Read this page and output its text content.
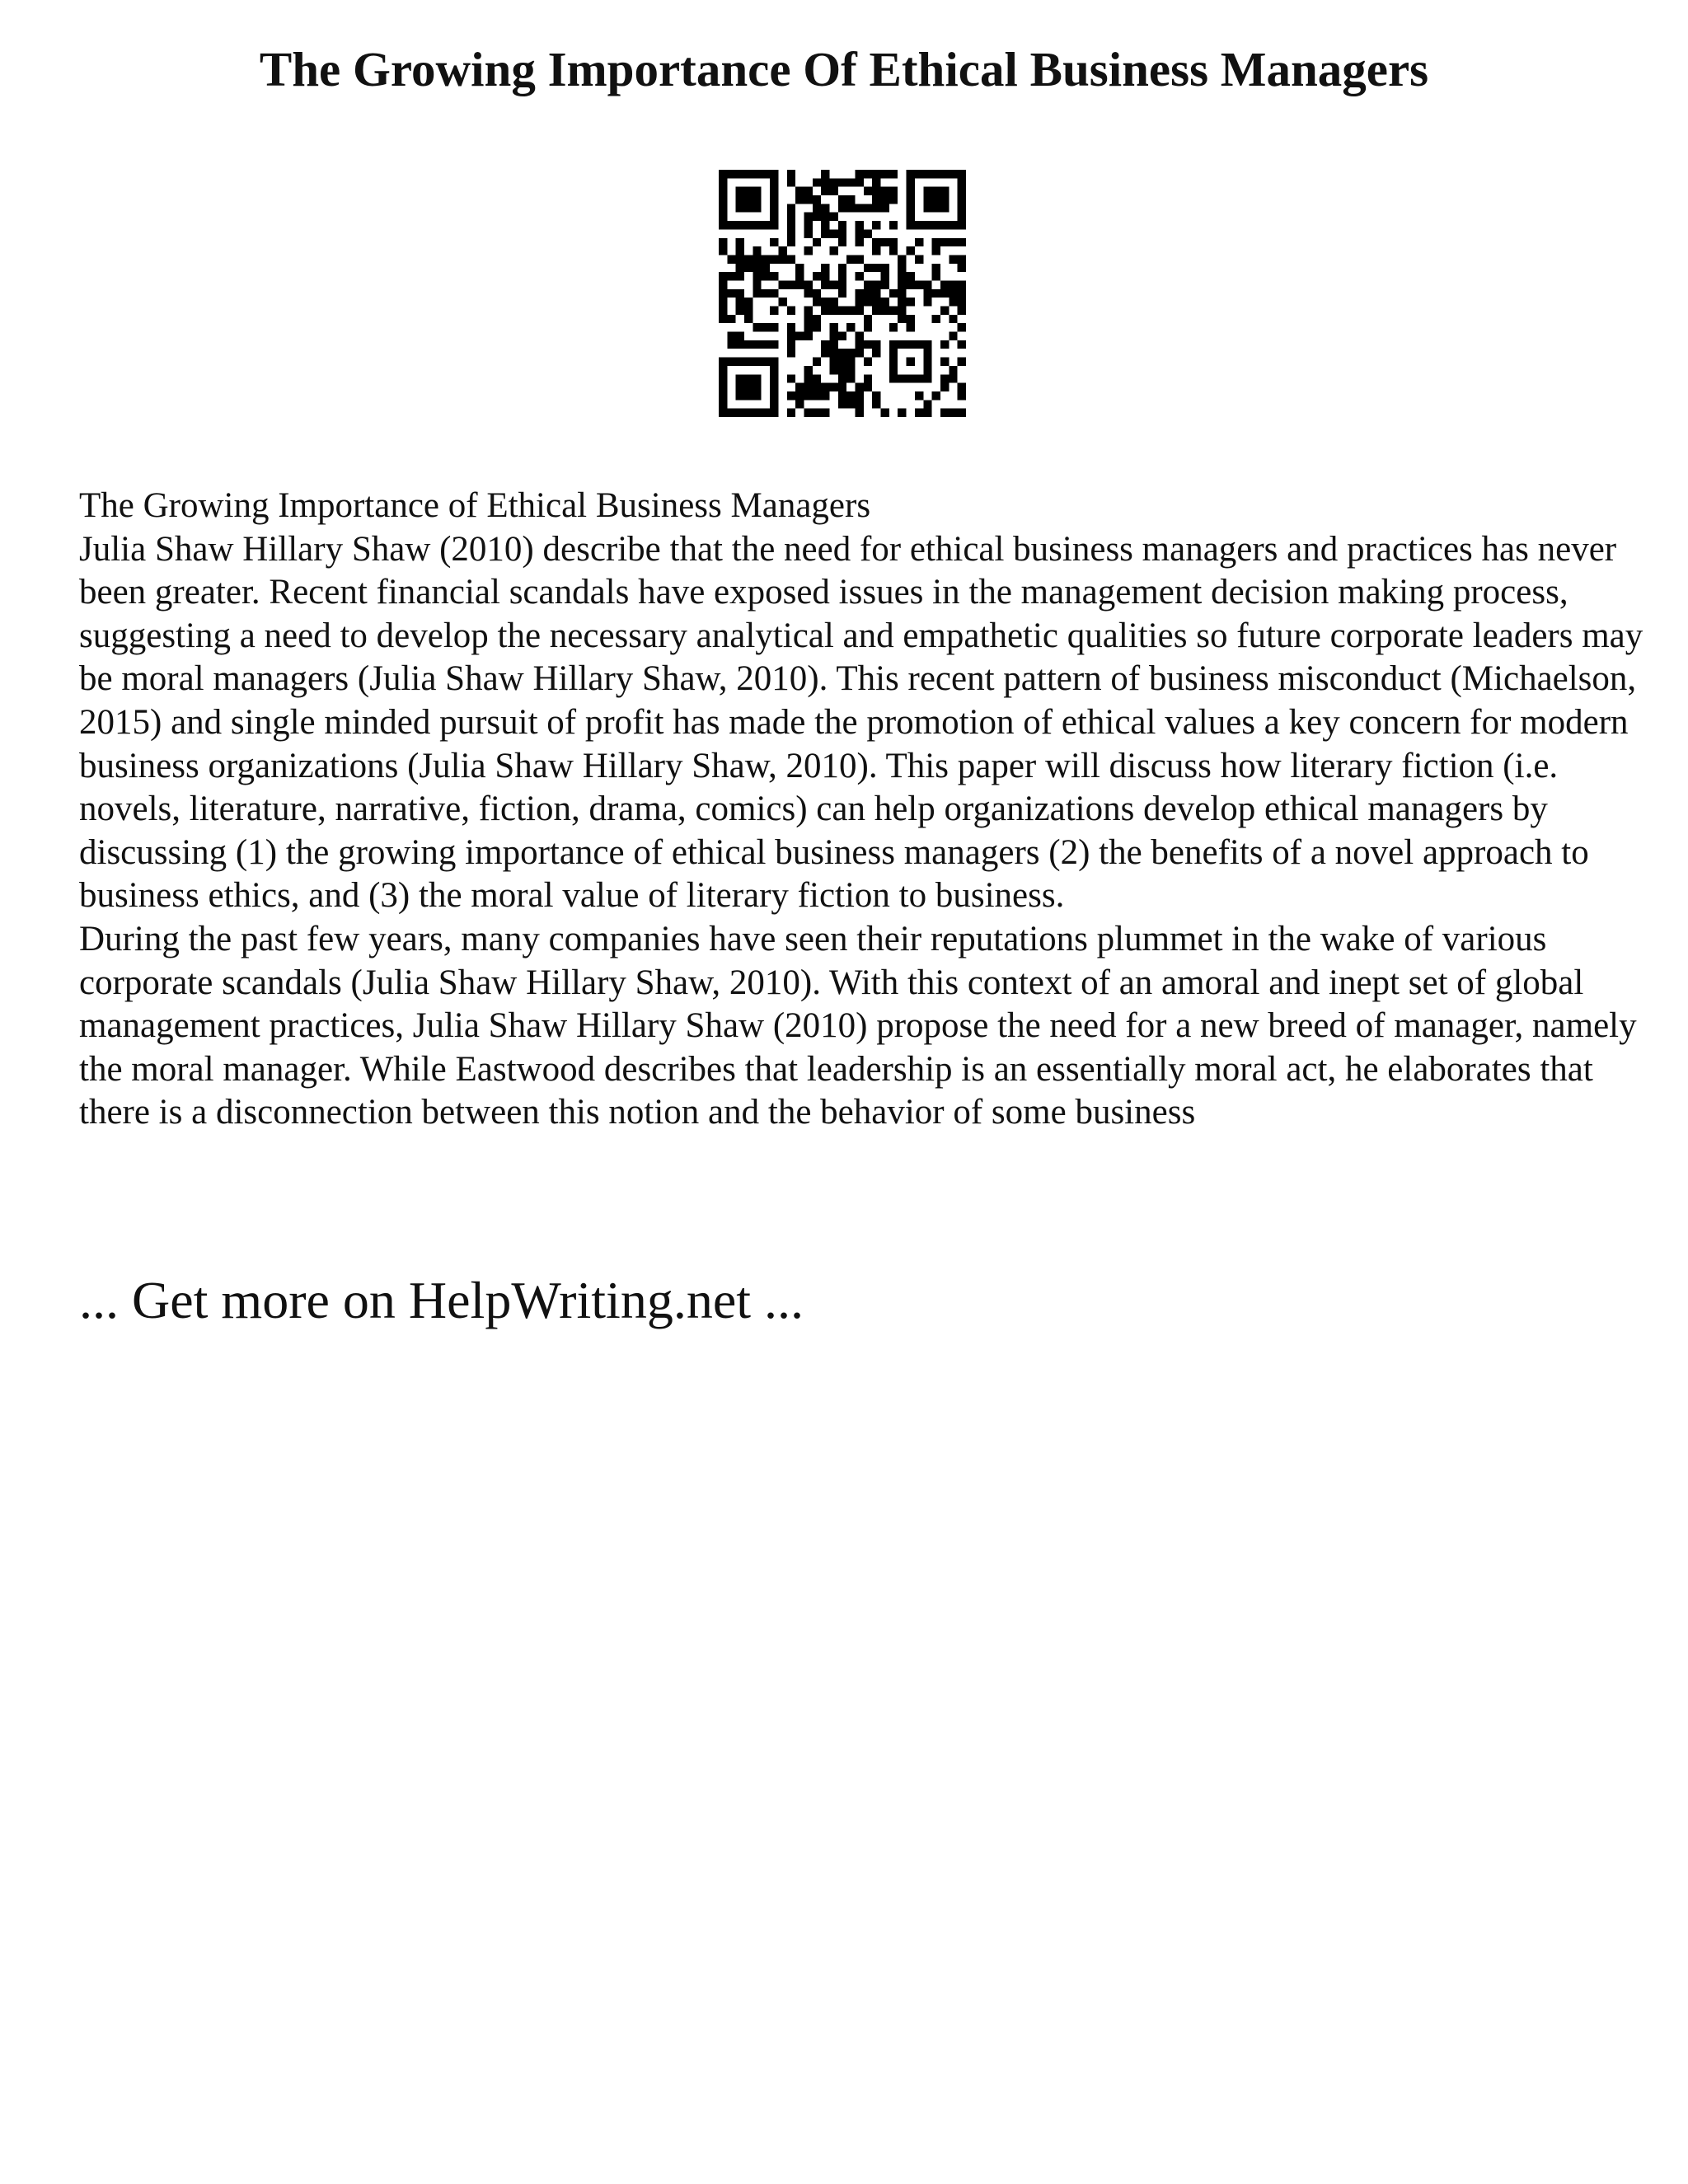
The Growing Importance Of Ethical Business Managers

The Growing Importance of Ethical Business Managers

Julia Shaw Hillary Shaw (2010) describe that the need for ethical business managers and practices has never been greater. Recent financial scandals have exposed issues in the management decision making process, suggesting a need to develop the necessary analytical and empathetic qualities so future corporate leaders may be moral managers (Julia Shaw Hillary Shaw, 2010). This recent pattern of business misconduct (Michaelson, 2015) and single minded pursuit of profit has made the promotion of ethical values a key concern for modern business organizations (Julia Shaw Hillary Shaw, 2010). This paper will discuss how literary fiction (i.e. novels, literature, narrative, fiction, drama, comics) can help organizations develop ethical managers by discussing (1) the growing importance of ethical business managers (2) the benefits of a novel approach to business ethics, and (3) the moral value of literary fiction to business.

During the past few years, many companies have seen their reputations plummet in the wake of various corporate scandals (Julia Shaw Hillary Shaw, 2010). With this context of an amoral and inept set of global management practices, Julia Shaw Hillary Shaw (2010) propose the need for a new breed of manager, namely the moral manager. While Eastwood describes that leadership is an essentially moral act, he elaborates that there is a disconnection between this notion and the behavior of some business

... Get more on HelpWriting.net ...
